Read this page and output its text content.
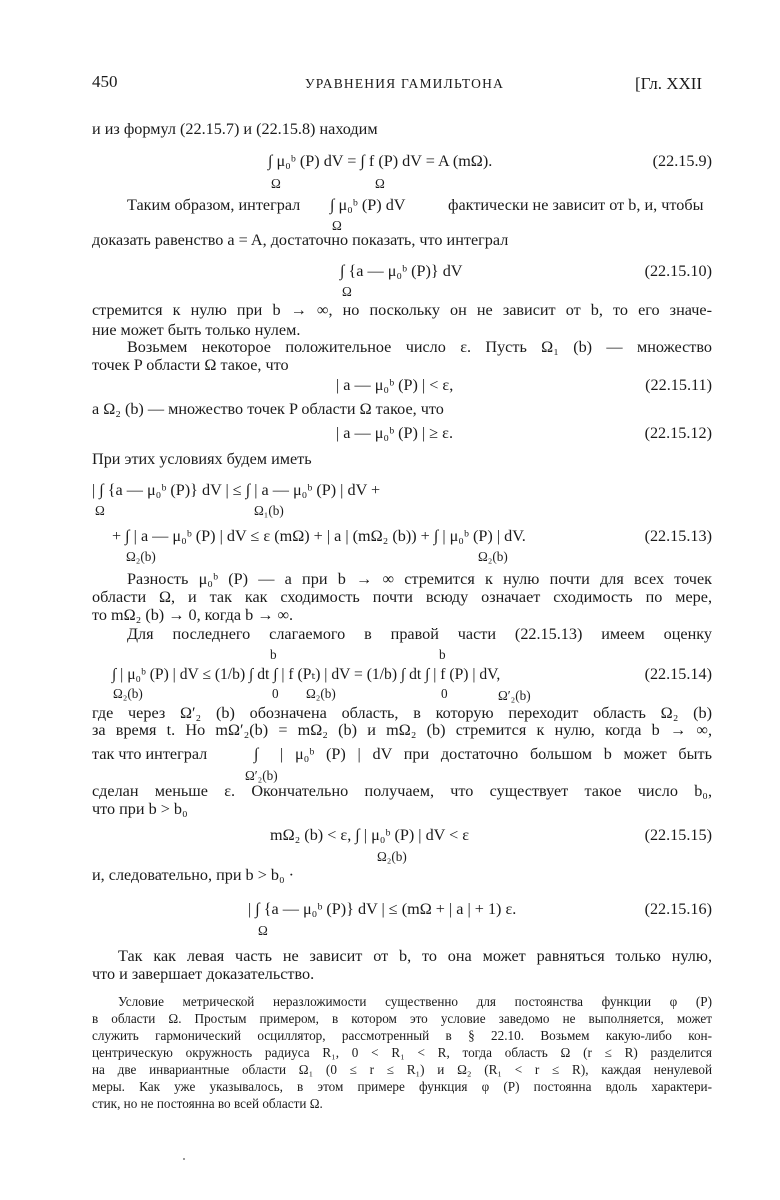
450	УРАВНЕНИЯ ГАМИЛЬТОНА	[Гл. XXII
и из формул (22.15.7) и (22.15.8) находим
∫ μ₀ᵇ (P) dV = ∫ f (P) dV = A (mΩ).
Ω	Ω
(22.15.9)
Таким образом, интеграл ∫ μ₀ᵇ (P) dV
Ω
фактически не зависит от b, и, чтобы
доказать равенство a = A, достаточно показать, что интеграл
∫ {a — μ₀ᵇ (P)} dV
Ω
(22.15.10)
стремится к нулю при b → ∞, но поскольку он не зависит от b, то его значе-
ние может быть только нулем.
Возьмем некоторое положительное число ε. Пусть Ω₁ (b) — множество
точек P области Ω такое, что
| a — μ₀ᵇ (P) | < ε,	(22.15.11)
а Ω₂ (b) — множество точек P области Ω такое, что
| a — μ₀ᵇ (P) | ≥ ε.	(22.15.12)
При этих условиях будем иметь
| ∫ {a — μ₀ᵇ (P)} dV | ≤ ∫ | a — μ₀ᵇ (P) | dV +
Ω	Ω₁(b)
+ ∫ | a — μ₀ᵇ (P) | dV ≤ ε (mΩ) + | a | (mΩ₂ (b)) + ∫ | μ₀ᵇ (P) | dV.
Ω₂(b)	Ω₂(b)
(22.15.13)
Разность μ₀ᵇ (P) — a при b → ∞ стремится к нулю почти для всех точек
области Ω, и так как сходимость почти всюду означает сходимость по мере,
то mΩ₂ (b) → 0, когда b → ∞.
Для последнего слагаемого в правой части (22.15.13) имеем оценку
b	b
∫ | μ₀ᵇ (P) | dV ≤ (1/b) ∫ dt ∫ | f (Pₜ) | dV = (1/b) ∫ dt ∫ | f (P) | dV,
Ω₂(b)	0 Ω₂(b)	0	Ω′₂(b)
(22.15.14)
где через Ω′₂ (b) обозначена область, в которую переходит область Ω₂ (b)
за время t. Но mΩ′₂(b) = mΩ₂ (b) и mΩ₂ (b) стремится к нулю, когда b → ∞,
так что интеграл	∫
Ω′₂(b)
| μ₀ᵇ (P) | dV при достаточно большом b может быть
сделан меньше ε. Окончательно получаем, что существует такое число b₀,
что при b > b₀
mΩ₂ (b) < ε, ∫ | μ₀ᵇ (P) | dV < ε
Ω₂(b)
(22.15.15)
и, следовательно, при b > b₀ ·
| ∫ {a — μ₀ᵇ (P)} dV | ≤ (mΩ + | a | + 1) ε.
Ω
(22.15.16)
Так как левая часть не зависит от b, то она может равняться только нулю,
что и завершает доказательство.
Условие метрической неразложимости существенно для постоянства функции φ (P)
в области Ω. Простым примером, в котором это условие заведомо не выполняется, может
служить гармонический осциллятор, рассмотренный в § 22.10. Возьмем какую-либо кон-
центрическую окружность радиуса R₁, 0 < R₁ < R, тогда область Ω (r ≤ R) разделится
на две инвариантные области Ω₁ (0 ≤ r ≤ R₁) и Ω₂ (R₁ < r ≤ R), каждая ненулевой
меры. Как уже указывалось, в этом примере функция φ (P) постоянна вдоль характери-
стик, но не постоянна во всей области Ω.
